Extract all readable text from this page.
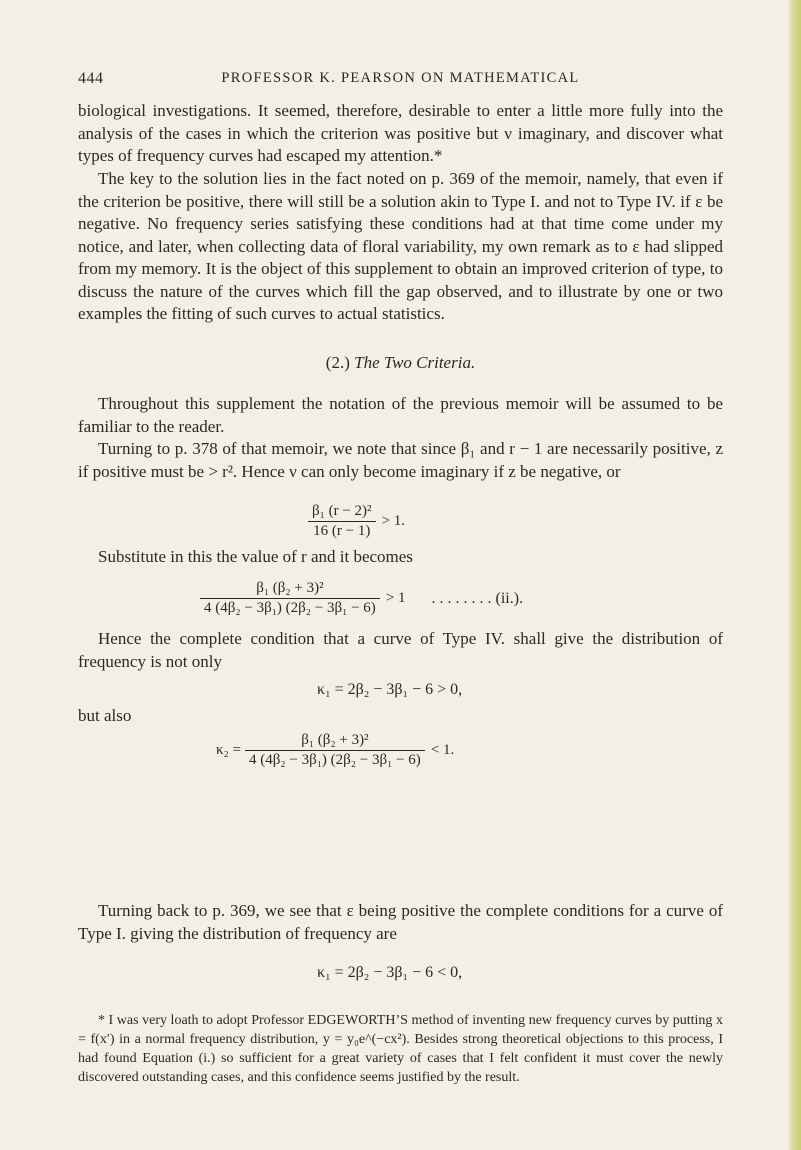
444	PROFESSOR K. PEARSON ON MATHEMATICAL

biological investigations. It seemed, therefore, desirable to enter a little more fully into the analysis of the cases in which the criterion was positive but ν imaginary, and discover what types of frequency curves had escaped my attention.*

The key to the solution lies in the fact noted on p. 369 of the memoir, namely, that even if the criterion be positive, there will still be a solution akin to Type I. and not to Type IV. if ε be negative. No frequency series satisfying these conditions had at that time come under my notice, and later, when collecting data of floral variability, my own remark as to ε had slipped from my memory. It is the object of this supplement to obtain an improved criterion of type, to discuss the nature of the curves which fill the gap observed, and to illustrate by one or two examples the fitting of such curves to actual statistics.

(2.) The Two Criteria.

Throughout this supplement the notation of the previous memoir will be assumed to be familiar to the reader.

Turning to p. 378 of that memoir, we note that since β₁ and r − 1 are necessarily positive, z if positive must be > r². Hence ν can only become imaginary if z be negative, or

$\frac{\text{β₁ (r − 2)²}}{16 (r - 1)} > 1$.

Substitute in this the value of r and it becomes

$\frac{\text{β₁ (β₂ + 3)²}}{\text{4 (4β₂ − 3β₁) (2β₂ − 3β₁ − 6)}} > 1$ . . . . . . . . (ii.).

Hence the complete condition that a curve of Type IV. shall give the distribution of frequency is not only

κ₁ = 2β₂ − 3β₁ − 6 > 0,
but also
$\kappa_2 = \frac{\text{β₁ (β₂ + 3)²}}{\text{4 (4β₂ − 3β₁) (2β₂ − 3β₁ − 6)}} < 1$.

Turning back to p. 369, we see that ε being positive the complete conditions for a curve of Type I. giving the distribution of frequency are

κ₁ = 2β₂ − 3β₁ − 6 < 0,

* I was very loath to adopt Professor EDGEWORTH’S method of inventing new frequency curves by putting x = f(x′) in a normal frequency distribution, y = y₀e^(−cx²). Besides strong theoretical objections to this process, I had found Equation (i.) so sufficient for a great variety of cases that I felt confident it must cover the newly discovered outstanding cases, and this confidence seems justified by the result.
